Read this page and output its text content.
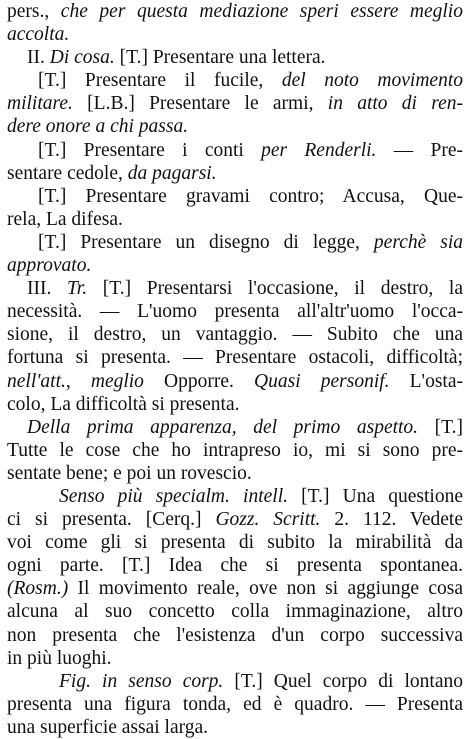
pers., che per questa mediazione speri essere meglio
accolta.
II. Di cosa. [T.] Presentare una lettera.
[T.] Presentare il fucile, del noto movimento
militare. [L.B.] Presentare le armi, in atto di ren-
dere onore a chi passa.
[T.] Presentare i conti per Renderli. — Pre-
sentare cedole, da pagarsi.
[T.] Presentare gravami contro; Accusa, Que-
rela, La difesa.
[T.] Presentare un disegno di legge, perchè sia
approvato.
III. Tr. [T.] Presentarsi l'occasione, il destro, la
necessità. — L'uomo presenta all'altr'uomo l'occa-
sione, il destro, un vantaggio. — Subito che una
fortuna si presenta. — Presentare ostacoli, difficoltà;
nell'att., meglio Opporre. Quasi personif. L'osta-
colo, La difficoltà si presenta.
Della prima apparenza, del primo aspetto. [T.]
Tutte le cose che ho intrapreso io, mi si sono pre-
sentate bene; e poi un rovescio.
Senso più specialm. intell. [T.] Una questione
ci si presenta. [Cerq.] Gozz. Scritt. 2. 112. Vedete
voi come gli si presenta di subito la mirabilità da
ogni parte. [T.] Idea che si presenta spontanea.
(Rosm.) Il movimento reale, ove non si aggiunge cosa
alcuna al suo concetto colla immaginazione, altro
non presenta che l'esistenza d'un corpo successiva
in più luoghi.
Fig. in senso corp. [T.] Quel corpo di lontano
presenta una figura tonda, ed è quadro. — Presenta
una superficie assai larga.
